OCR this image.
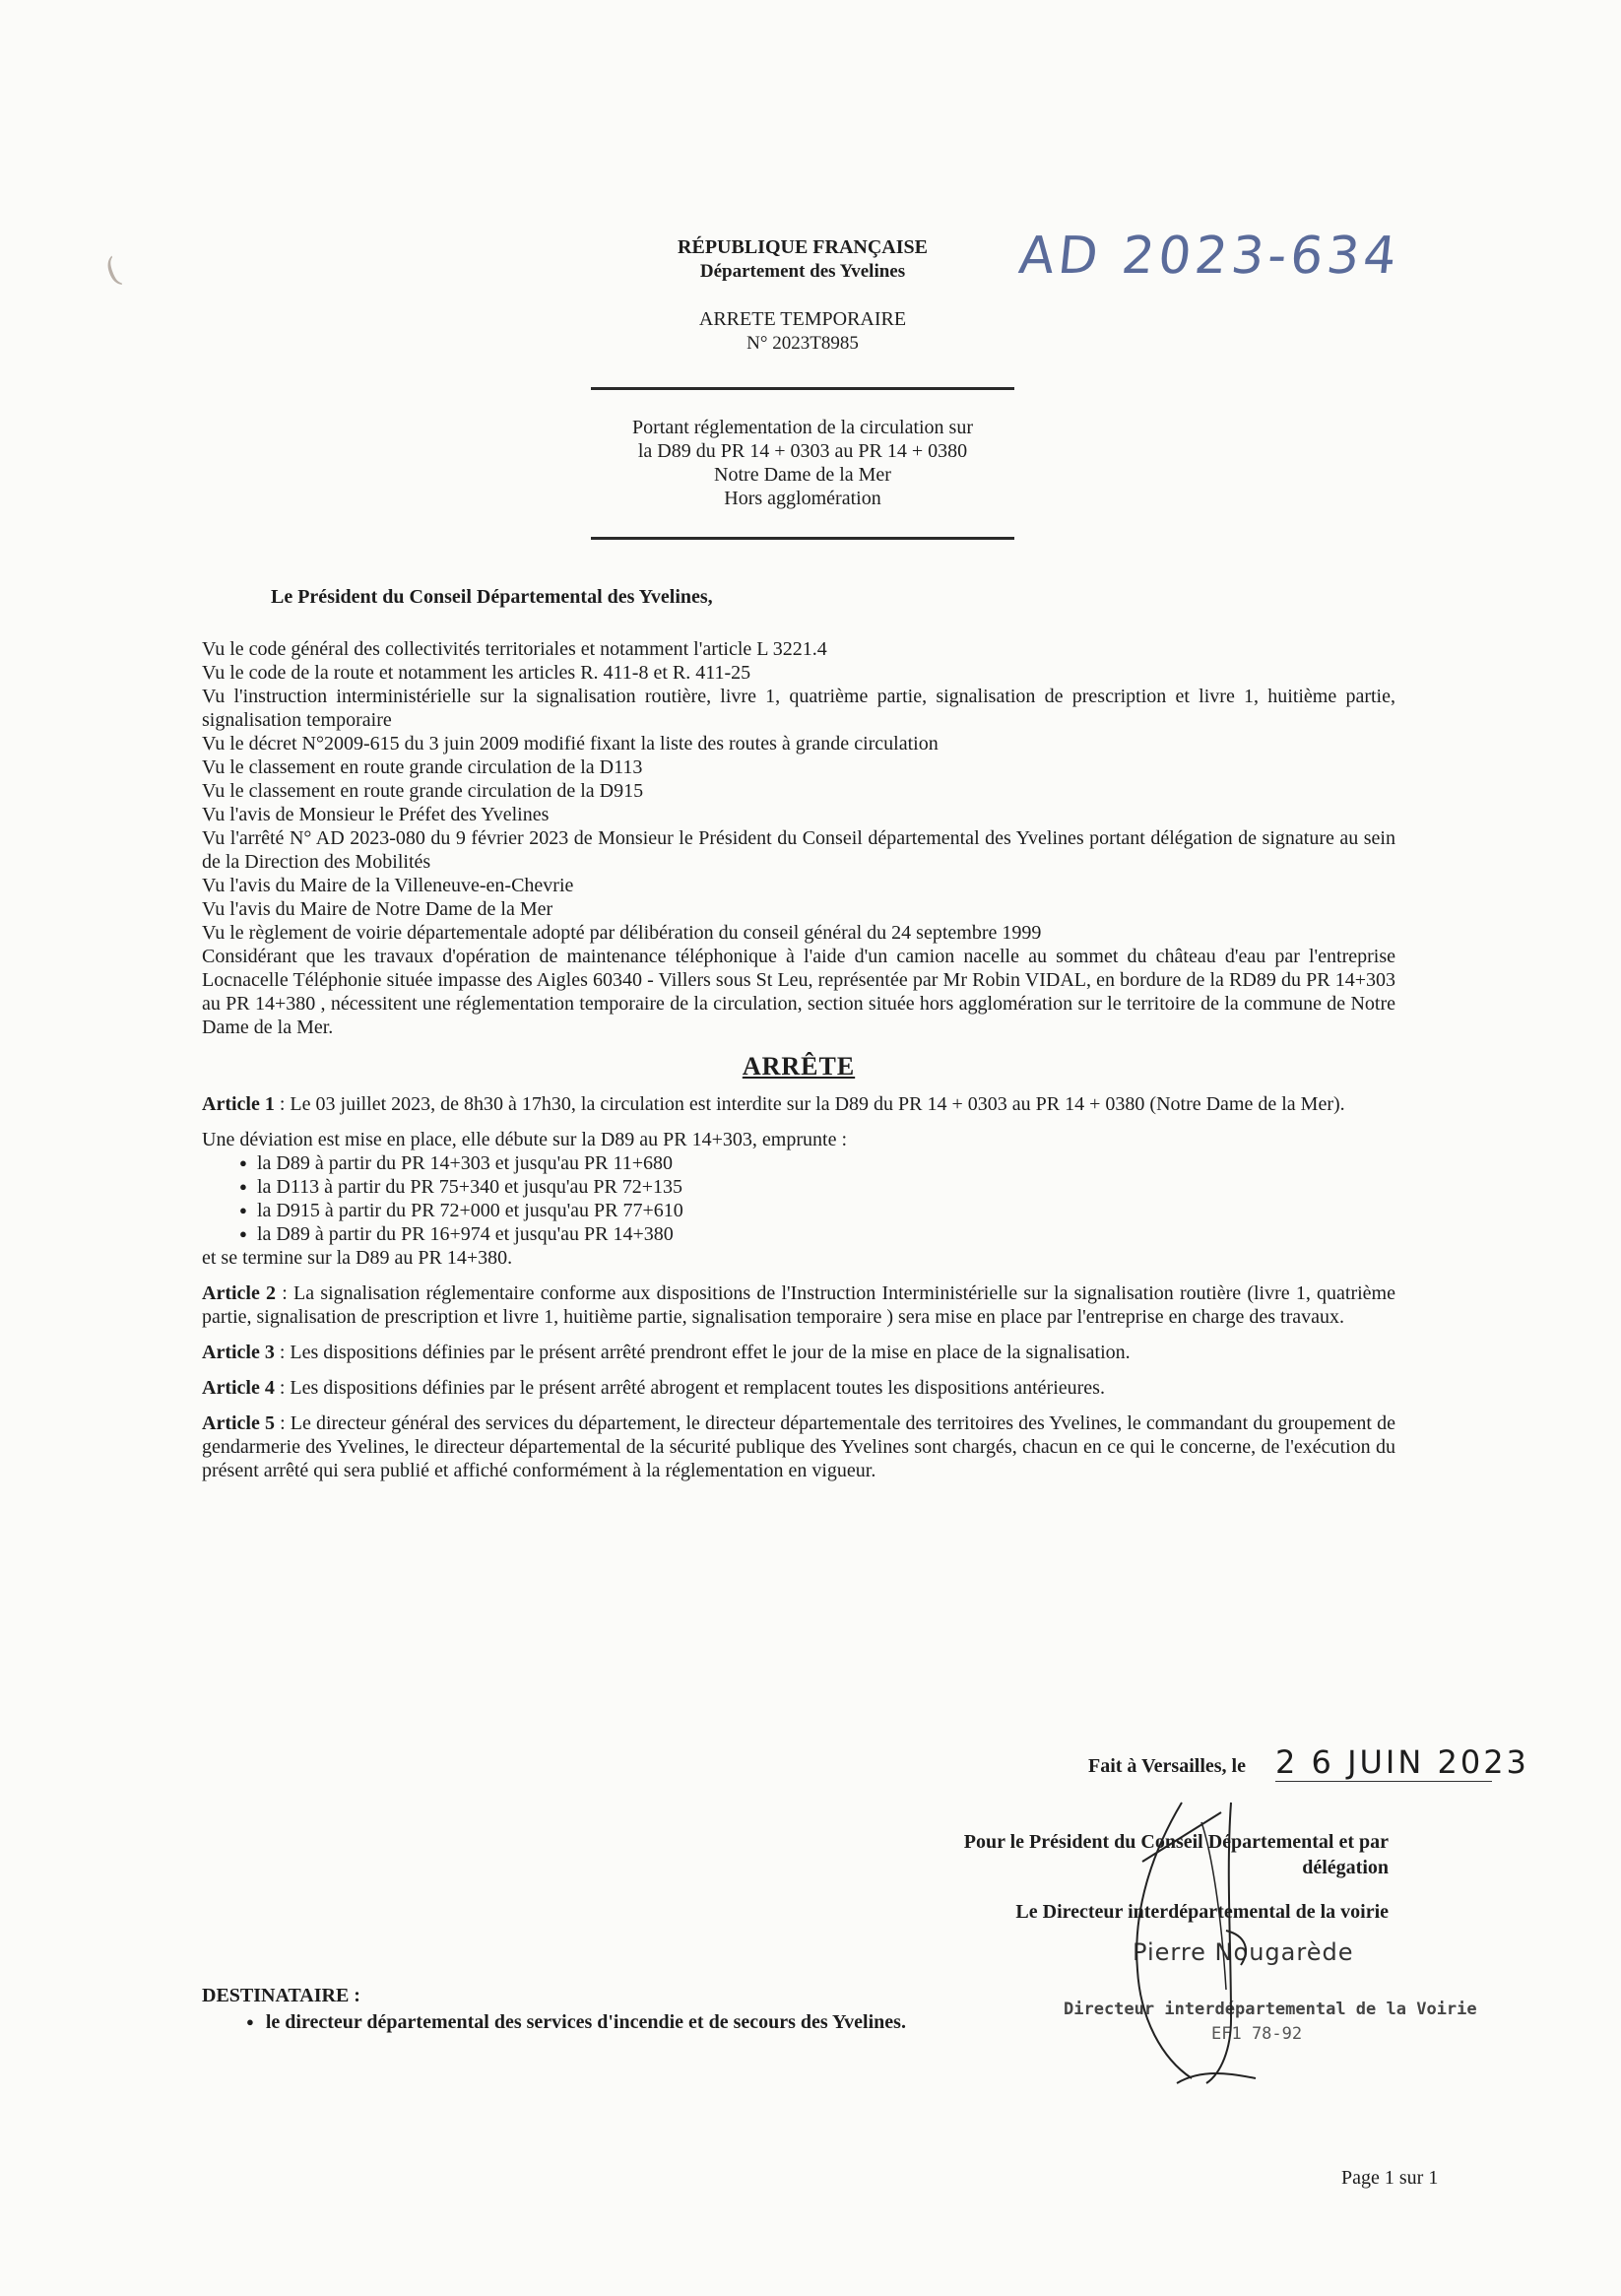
(
RÉPUBLIQUE FRANÇAISE
Département des Yvelines
ARRETE TEMPORAIRE
N° 2023T8985
AD 2023-634
Portant réglementation de la circulation sur
la D89 du PR 14 + 0303 au PR 14 + 0380
Notre Dame de la Mer
Hors agglomération
Le Président du Conseil Départemental des Yvelines,

Vu le code général des collectivités territoriales et notamment l'article L 3221.4

Vu le code de la route et notamment les articles R. 411-8 et R. 411-25

Vu l'instruction interministérielle sur la signalisation routière, livre 1, quatrième partie, signalisation de prescription et livre 1, huitième partie, signalisation temporaire

Vu le décret N°2009-615 du 3 juin 2009 modifié fixant la liste des routes à grande circulation

Vu le classement en route grande circulation de la D113

Vu le classement en route grande circulation de la D915

Vu l'avis de Monsieur le Préfet des Yvelines

Vu l'arrêté N° AD 2023-080 du 9 février 2023 de Monsieur le Président du Conseil départemental des Yvelines portant délégation de signature au sein de la Direction des Mobilités

Vu l'avis du Maire de la Villeneuve-en-Chevrie

Vu l'avis du Maire de Notre Dame de la Mer

Vu le règlement de voirie départementale adopté par délibération du conseil général du 24 septembre 1999

Considérant que les travaux d'opération de maintenance téléphonique à l'aide d'un camion nacelle au sommet du château d'eau par l'entreprise Locnacelle Téléphonie située impasse des Aigles 60340 - Villers sous St Leu, représentée par Mr Robin VIDAL, en bordure de la RD89 du PR 14+303 au PR 14+380 , nécessitent une réglementation temporaire de la circulation, section située hors agglomération sur le territoire de la commune de Notre Dame de la Mer.

ARRÊTE

Article 1 : Le 03 juillet 2023, de 8h30 à 17h30, la circulation est interdite sur la D89 du PR 14 + 0303 au PR 14 + 0380 (Notre Dame de la Mer).

Une déviation est mise en place, elle débute sur la D89 au PR 14+303, emprunte :

● la D89 à partir du PR 14+303 et jusqu'au PR 11+680
● la D113 à partir du PR 75+340 et jusqu'au PR 72+135
● la D915 à partir du PR 72+000 et jusqu'au PR 77+610
● la D89 à partir du PR 16+974 et jusqu'au PR 14+380

et se termine sur la D89 au PR 14+380.

Article 2 : La signalisation réglementaire conforme aux dispositions de l'Instruction Interministérielle sur la signalisation routière (livre 1, quatrième partie, signalisation de prescription et livre 1, huitième partie, signalisation temporaire ) sera mise en place par l'entreprise en charge des travaux.

Article 3 : Les dispositions définies par le présent arrêté prendront effet le jour de la mise en place de la signalisation.

Article 4 : Les dispositions définies par le présent arrêté abrogent et remplacent toutes les dispositions antérieures.

Article 5 : Le directeur général des services du département, le directeur départementale des territoires des Yvelines, le commandant du groupement de gendarmerie des Yvelines, le directeur départemental de la sécurité publique des Yvelines sont chargés, chacun en ce qui le concerne, de l'exécution du présent arrêté qui sera publié et affiché conformément à la réglementation en vigueur.

Fait à Versailles, le 2 6 JUIN 2023
Pour le Président du Conseil Départemental et par
délégation
Le Directeur interdépartemental de la voirie
Pierre Nougarède
Directeur interdépartemental de la Voirie
EF1 78-92
DESTINATAIRE :
● le directeur départemental des services d'incendie et de secours des Yvelines.
Page 1 sur 1
